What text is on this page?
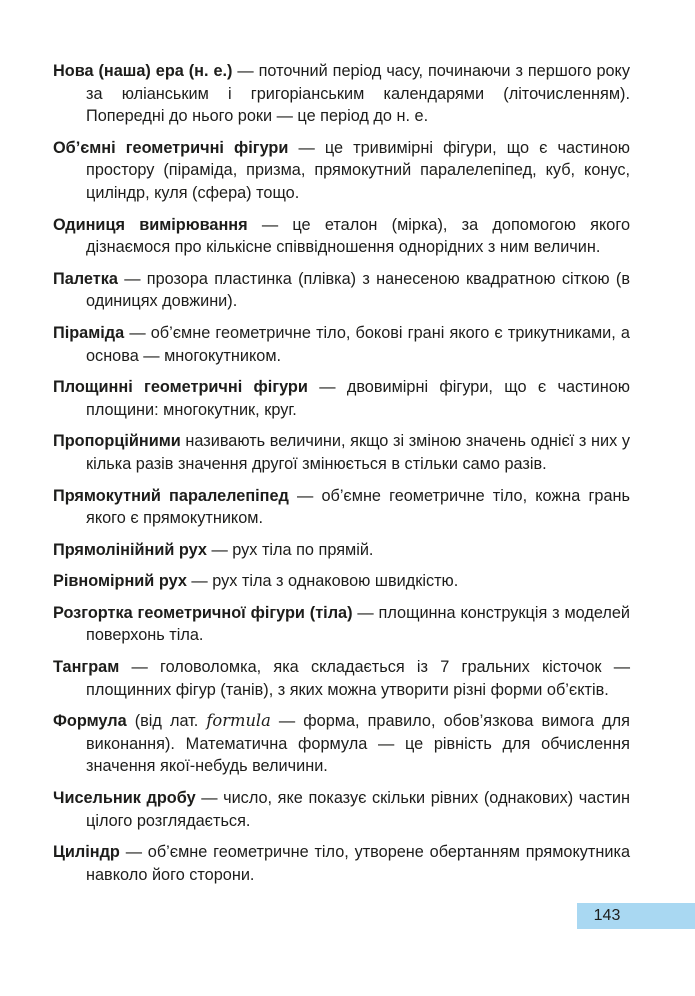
Нова (наша) ера (н. е.) — поточний період часу, починаючи з першого року за юліанським і григоріанським календарями (літочисленням). Попередні до нього роки — це період до н. е.
Об’ємні геометричні фігури — це тривимірні фігури, що є частиною простору (піраміда, призма, прямокутний паралелепіпед, куб, конус, циліндр, куля (сфера) тощо.
Одиниця вимірювання — це еталон (мірка), за допомогою якого дізнаємося про кількісне співвідношення однорідних з ним величин.
Палетка — прозора пластинка (плівка) з нанесеною квадратною сіткою (в одиницях довжини).
Піраміда — об’ємне геометричне тіло, бокові грані якого є трикутниками, а основа — многокутником.
Площинні геометричні фігури — двовимірні фігури, що є частиною площини: многокутник, круг.
Пропорційними називають величини, якщо зі зміною значень однієї з них у кілька разів значення другої змінюється в стільки само разів.
Прямокутний паралелепіпед — об’ємне геометричне тіло, кожна грань якого є прямокутником.
Прямолінійний рух — рух тіла по прямій.
Рівномірний рух — рух тіла з однаковою швидкістю.
Розгортка геометричної фігури (тіла) — площинна конструкція з моделей поверхонь тіла.
Танграм — головоломка, яка складається із 7 гральних кісточок — площинних фігур (танів), з яких можна утворити різні форми об’єктів.
Формула (від лат. formula — форма, правило, обов’язкова вимога для виконання). Математична формула — це рівність для обчислення значення якої-небудь величини.
Чисельник дробу — число, яке показує скільки рівних (однакових) частин цілого розглядається.
Циліндр — об’ємне геометричне тіло, утворене обертанням прямокутника навколо його сторони.
143
